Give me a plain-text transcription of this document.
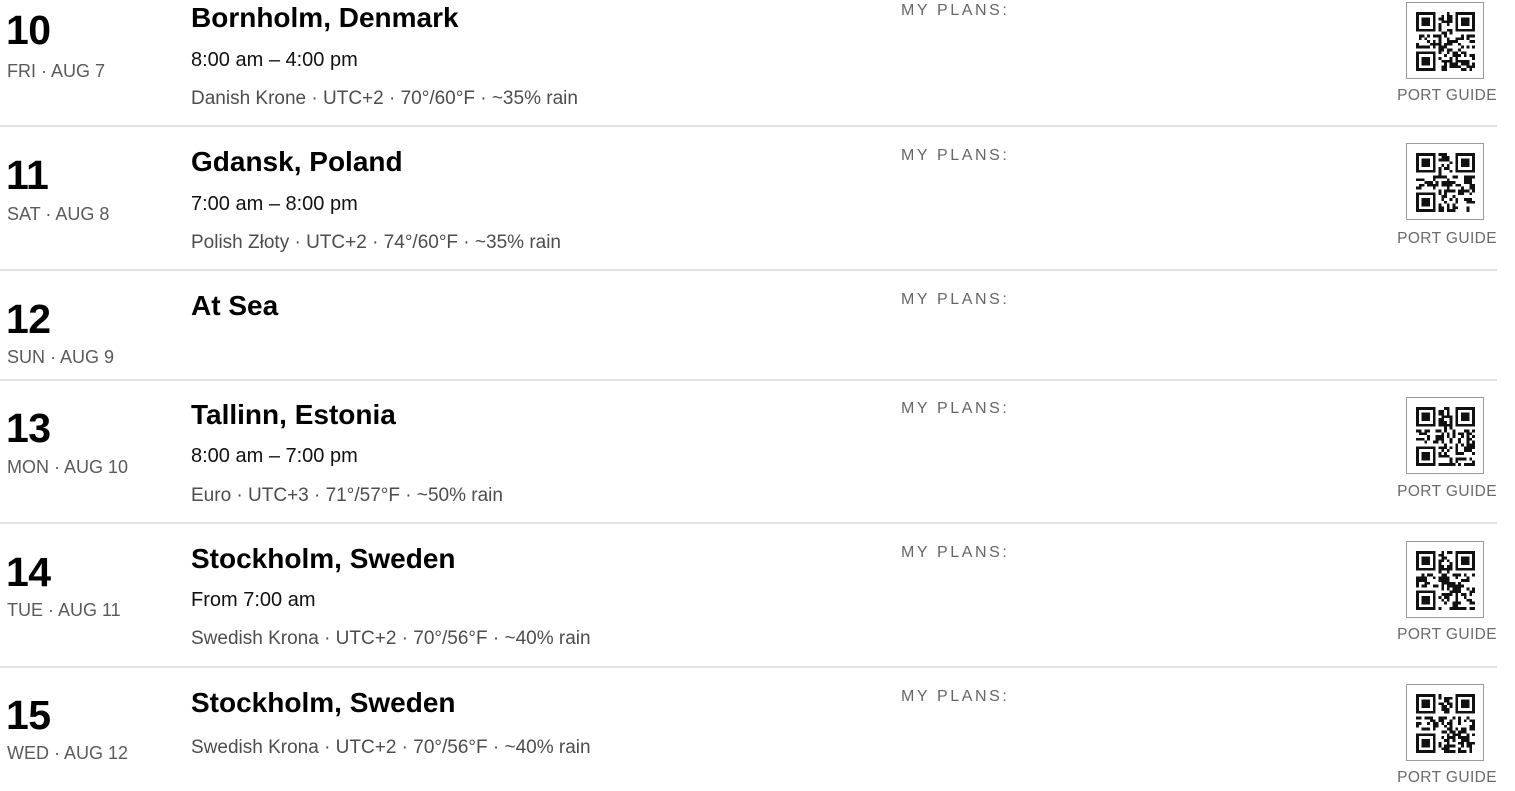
10
FRI · AUG 7
Bornholm, Denmark
8:00 am – 4:00 pm
Danish Krone · UTC+2 · 70°/60°F · ~35% rain
MY PLANS:
PORT GUIDE
11
SAT · AUG 8
Gdansk, Poland
7:00 am – 8:00 pm
Polish Złoty · UTC+2 · 74°/60°F · ~35% rain
MY PLANS:
PORT GUIDE
12
SUN · AUG 9
At Sea	MY PLANS:
13
MON · AUG 10
Tallinn, Estonia
8:00 am – 7:00 pm
Euro · UTC+3 · 71°/57°F · ~50% rain
MY PLANS:
PORT GUIDE
14
TUE · AUG 11
Stockholm, Sweden
From 7:00 am
Swedish Krona · UTC+2 · 70°/56°F · ~40% rain
MY PLANS:
PORT GUIDE
15
WED · AUG 12
Stockholm, Sweden
Swedish Krona · UTC+2 · 70°/56°F · ~40% rain
MY PLANS:
PORT GUIDE
